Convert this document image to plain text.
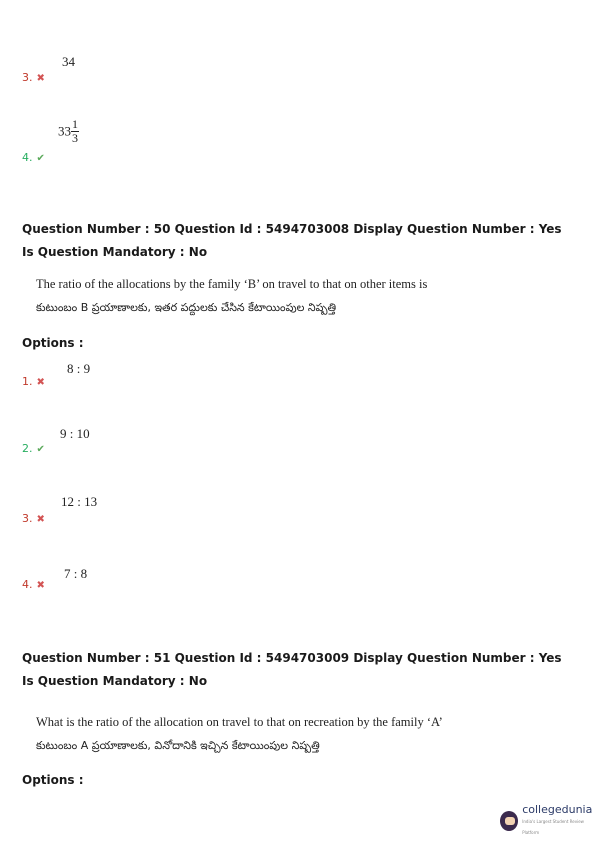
3. ✖
34
4. ✔
$33 \frac{1}{3}$
Question Number : 50 Question Id : 5494703008 Display Question Number : Yes Is Question Mandatory : No
The ratio of the allocations by the family ‘B’ on travel to that on other items is
కుటుంబం B ప్రయాణాలకు, ఇతర పద్దులకు చేసిన కేటాయింపుల నిష్పత్తి
Options :
1. ✖
8 : 9
2. ✔
9 : 10
3. ✖
12 : 13
4. ✖
7 : 8
Question Number : 51 Question Id : 5494703009 Display Question Number : Yes Is Question Mandatory : No
What is the ratio of the allocation on travel to that on recreation by the family ‘A’
కుటుంబం A ప్రయాణాలకు, వినోదానికి ఇచ్చిన కేటాయింపుల నిష్పత్తి
Options :
collegedunia
India's Largest Student Review Platform
